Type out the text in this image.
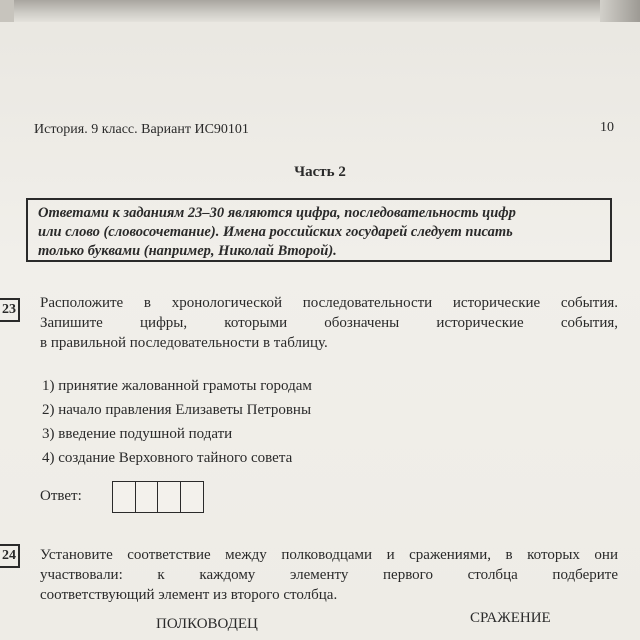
История. 9 класс. Вариант ИС90101	10
Часть 2
Ответами к заданиям 23–30 являются цифра, последовательность цифр
или слово (словосочетание). Имена российских государей следует писать
только буквами (например, Николай Второй).
23 Расположите в хронологической последовательности исторические события.
Запишите цифры, которыми обозначены исторические события,
в правильной последовательности в таблицу.
1) принятие жалованной грамоты городам
2) начало правления Елизаветы Петровны
3) введение подушной подати
4) создание Верховного тайного совета
Ответ:
24 Установите соответствие между полководцами и сражениями, в которых они
участвовали: к каждому элементу первого столбца подберите
соответствующий элемент из второго столбца.
ПОЛКОВОДЕЦ	СРАЖЕНИЕ
